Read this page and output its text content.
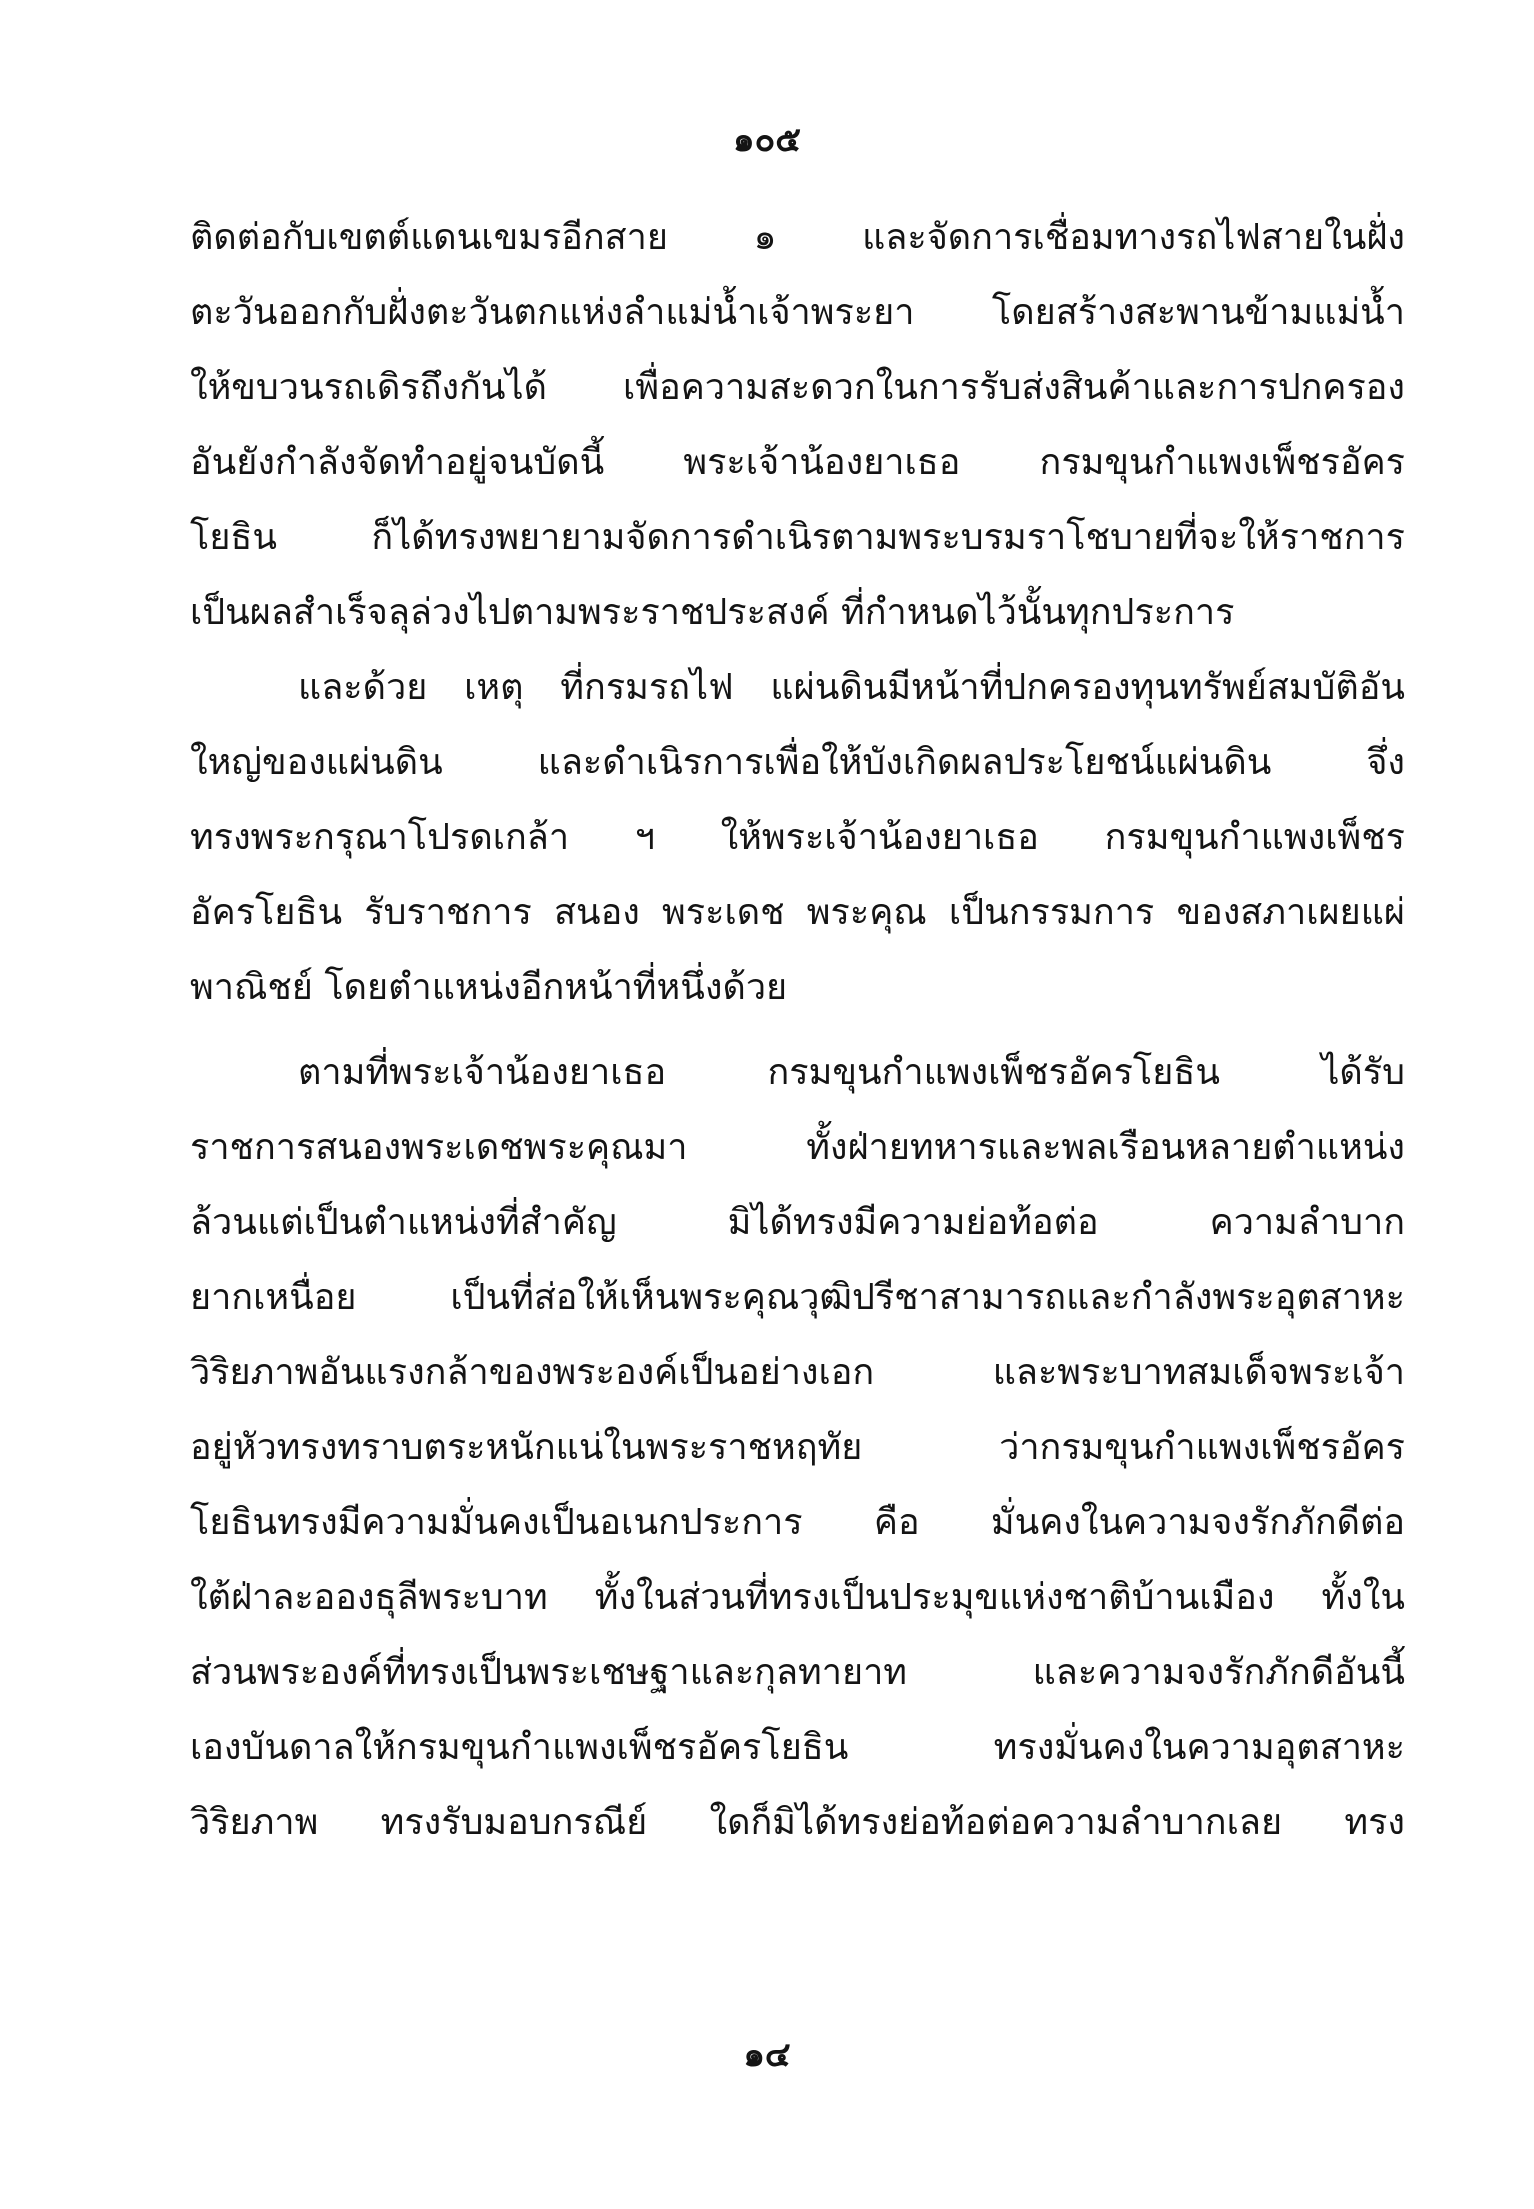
๑๐๕
ติดต่อกับเขตต์แดนเขมรอีกสาย ๑ และจัดการเชื่อมทางรถไฟสายในฝั่ง
ตะวันออกกับฝั่งตะวันตกแห่งลำแม่น้ำเจ้าพระยา โดยสร้างสะพานข้ามแม่น้ำ
ให้ขบวนรถเดิรถึงกันได้ เพื่อความสะดวกในการรับส่งสินค้าและการปกครอง
อันยังกำลังจัดทำอยู่จนบัดนี้ พระเจ้าน้องยาเธอ กรมขุนกำแพงเพ็ชรอัคร
โยธิน ก็ได้ทรงพยายามจัดการดำเนิรตามพระบรมราโชบายที่จะให้ราชการ
เป็นผลสำเร็จลุล่วงไปตามพระราชประสงค์ ที่กำหนดไว้นั้นทุกประการ
และด้วย เหตุ ที่กรมรถไฟ แผ่นดินมีหน้าที่ปกครองทุนทรัพย์สมบัติอัน
ใหญ่ของแผ่นดิน และดำเนิรการเพื่อให้บังเกิดผลประโยชน์แผ่นดิน จึ่ง
ทรงพระกรุณาโปรดเกล้า ฯ ให้พระเจ้าน้องยาเธอ กรมขุนกำแพงเพ็ชร
อัครโยธิน รับราชการ สนอง พระเดช พระคุณ เป็นกรรมการ ของสภาเผยแผ่
พาณิชย์ โดยตำแหน่งอีกหน้าที่หนึ่งด้วย
ตามที่พระเจ้าน้องยาเธอ กรมขุนกำแพงเพ็ชรอัครโยธิน ได้รับ
ราชการสนองพระเดชพระคุณมา ทั้งฝ่ายทหารและพลเรือนหลายตำแหน่ง
ล้วนแต่เป็นตำแหน่งที่สำคัญ มิได้ทรงมีความย่อท้อต่อ ความลำบาก
ยากเหนื่อย เป็นที่ส่อให้เห็นพระคุณวุฒิปรีชาสามารถและกำลังพระอุตสาหะ
วิริยภาพอันแรงกล้าของพระองค์เป็นอย่างเอก และพระบาทสมเด็จพระเจ้า
อยู่หัวทรงทราบตระหนักแน่ในพระราชหฤทัย ว่ากรมขุนกำแพงเพ็ชรอัคร
โยธินทรงมีความมั่นคงเป็นอเนกประการ คือ มั่นคงในความจงรักภักดีต่อ
ใต้ฝ่าละอองธุลีพระบาท ทั้งในส่วนที่ทรงเป็นประมุขแห่งชาติบ้านเมือง ทั้งใน
ส่วนพระองค์ที่ทรงเป็นพระเชษฐาและกุลทายาท และความจงรักภักดีอันนี้
เองบันดาลให้กรมขุนกำแพงเพ็ชรอัครโยธิน ทรงมั่นคงในความอุตสาหะ
วิริยภาพ ทรงรับมอบกรณีย์ ใดก็มิได้ทรงย่อท้อต่อความลำบากเลย ทรง
๑๔
